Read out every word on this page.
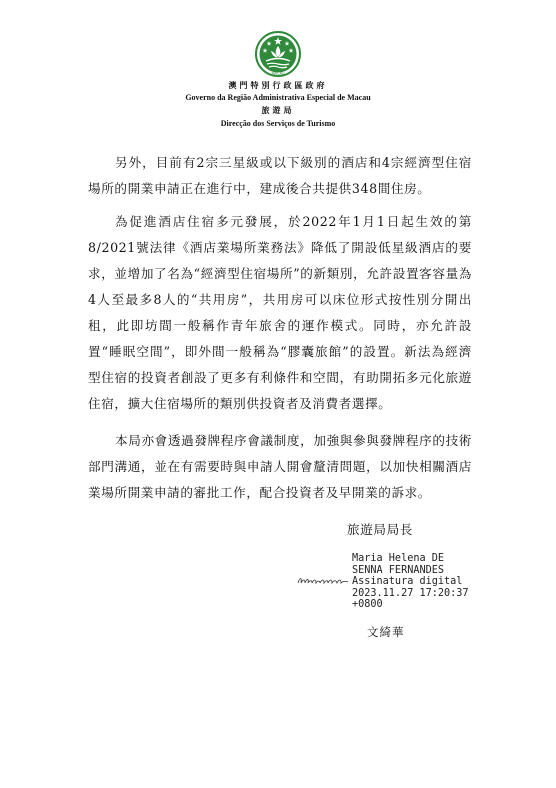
MACAU
澳門特別行政區政府
Governo da Região Administrativa Especial de Macau
旅遊局
Direcção dos Serviços de Turismo

另外，目前有2宗三星級或以下級別的酒店和4宗經濟型住宿場所的開業申請正在進行中，建成後合共提供348間住房。

為促進酒店住宿多元發展，於2022年1月1日起生效的第8/2021號法律《酒店業場所業務法》降低了開設低星級酒店的要求，並增加了名為“經濟型住宿場所”的新類別，允許設置客容量為4人至最多8人的“共用房”，共用房可以床位形式按性別分開出租，此即坊間一般稱作青年旅舍的運作模式。同時，亦允許設置“睡眠空間”，即外間一般稱為“膠囊旅館”的設置。新法為經濟型住宿的投資者創設了更多有利條件和空間，有助開拓多元化旅遊住宿，擴大住宿場所的類別供投資者及消費者選擇。

本局亦會透過發牌程序會議制度，加強與參與發牌程序的技術部門溝通，並在有需要時與申請人開會釐清問題，以加快相關酒店業場所開業申請的審批工作，配合投資者及早開業的訴求。

旅遊局局長
Maria Helena DE
SENNA FERNANDES
Assinatura digital
2023.11.27 17:20:37
+0800
文綺華
